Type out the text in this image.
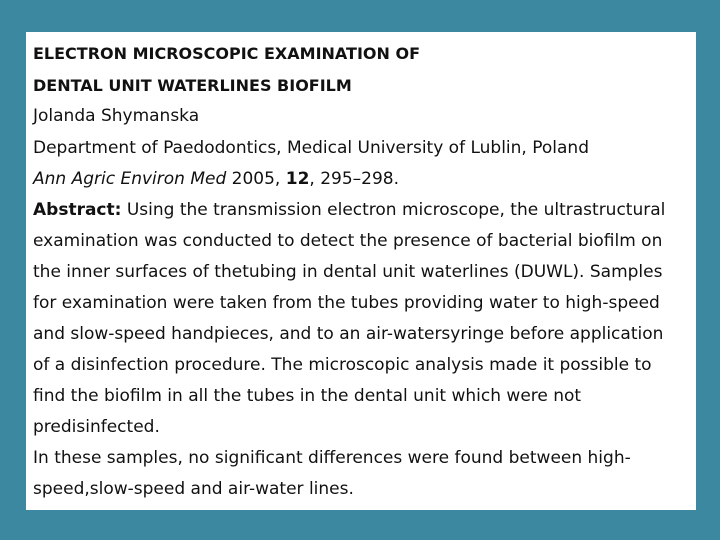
ELECTRON MICROSCOPIC EXAMINATION OF
DENTAL UNIT WATERLINES BIOFILM
Jolanda Shymanska
Department of Paedodontics, Medical University of Lublin, Poland
Ann Agric Environ Med 2005, 12, 295–298.
Abstract: Using the transmission electron microscope, the ultrastructural
examination was conducted to detect the presence of bacterial biofilm on
the inner surfaces of thetubing in dental unit waterlines (DUWL). Samples
for examination were taken from the tubes providing water to high-speed
and slow-speed handpieces, and to an air-watersyringe before application
of a disinfection procedure. The microscopic analysis made it possible to
find the biofilm in all the tubes in the dental unit which were not
predisinfected.
In these samples, no significant differences were found between high-
speed,slow-speed and air-water lines.
